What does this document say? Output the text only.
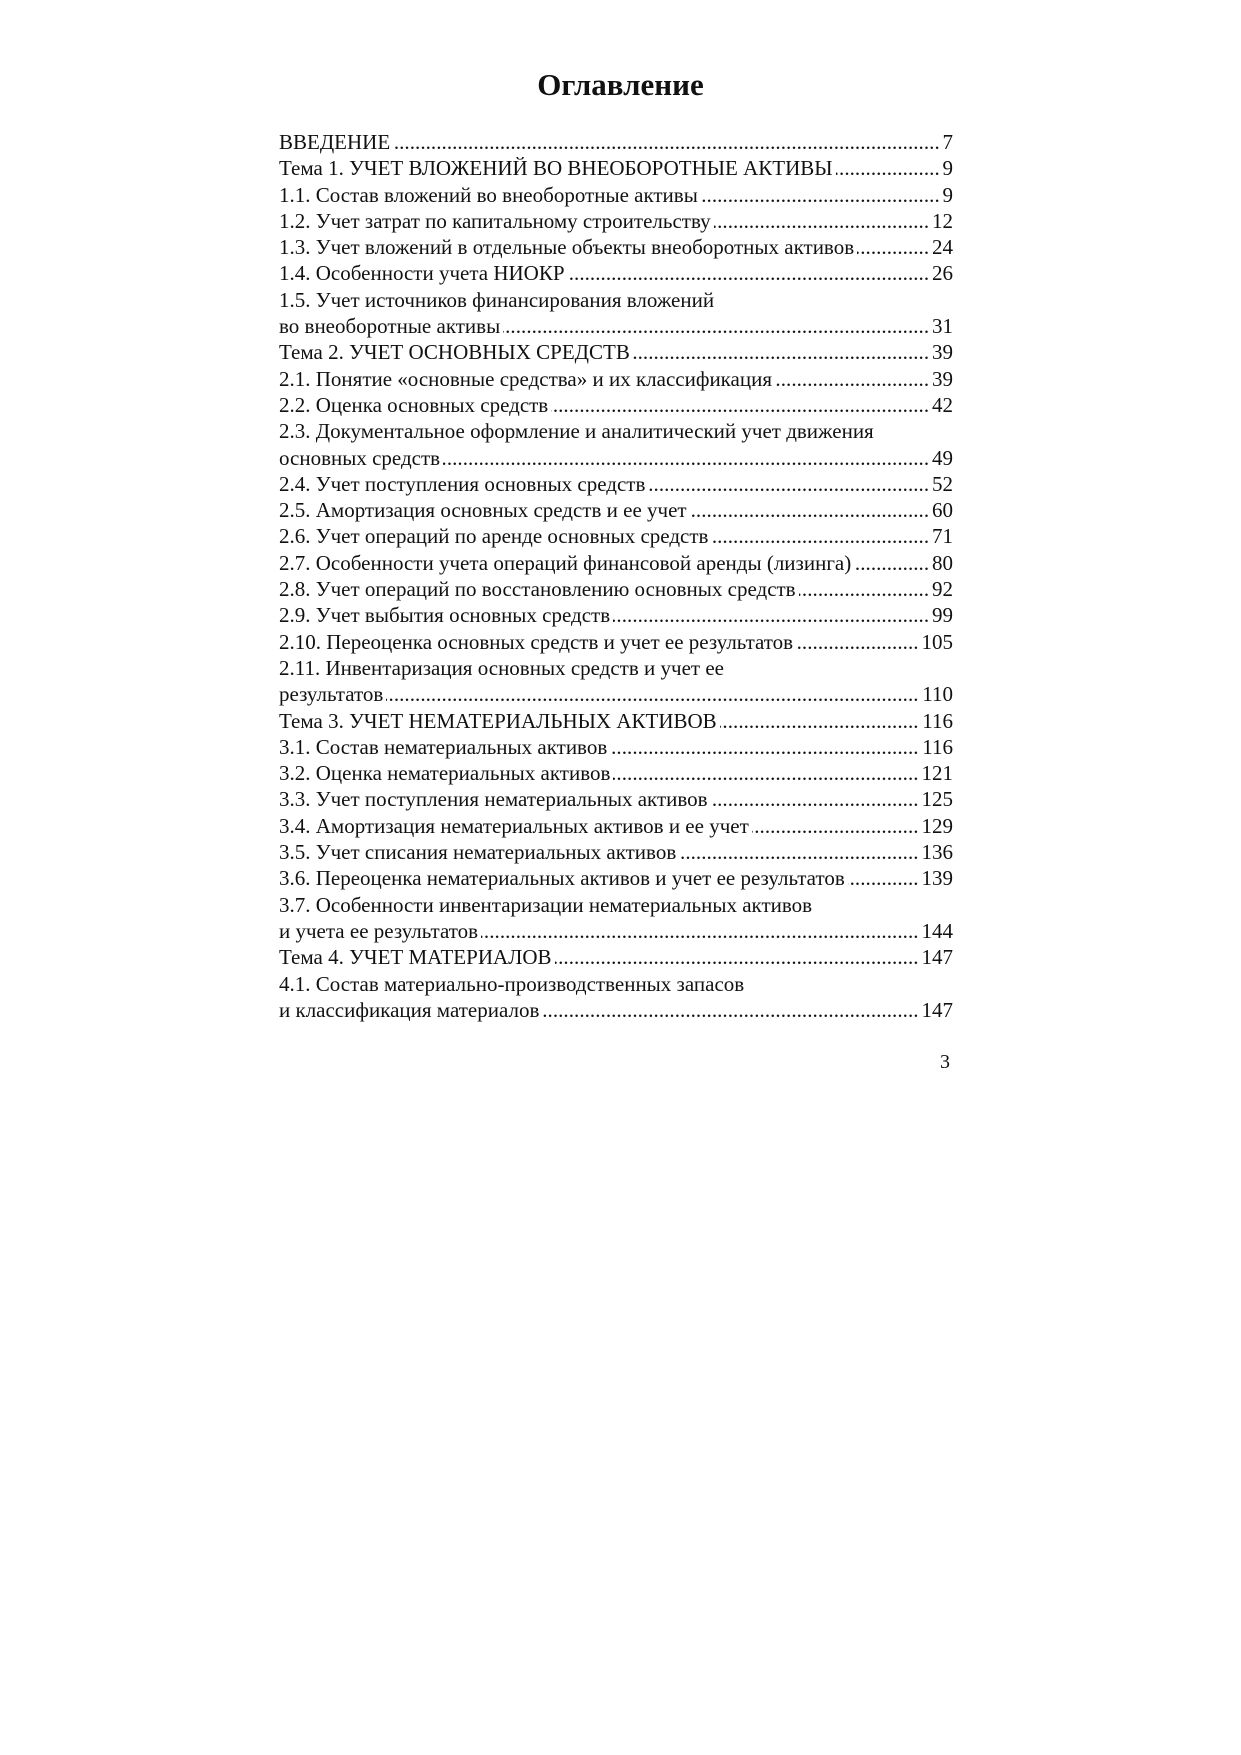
Оглавление
. . . ВВЕДЕНИЕ	7
. . . Тема 1. УЧЕТ ВЛОЖЕНИЙ ВО ВНЕОБОРОТНЫЕ АКТИВЫ	9
. . . 1.1. Состав вложений во внеоборотные активы	9
. . . 1.2. Учет затрат по капитальному строительству	12
. . . 1.3. Учет вложений в отдельные объекты внеоборотных активов	24
. . . 1.4. Особенности учета НИОКР	26
1.5. Учет источников финансирования вложений
. . . во внеоборотные активы	31
. . . Тема 2. УЧЕТ ОСНОВНЫХ СРЕДСТВ	39
. . . 2.1. Понятие «основные средства» и их классификация	39
. . . 2.2. Оценка основных средств	42
2.3. Документальное оформление и аналитический учет движения
. . . основных средств	49
. . . 2.4. Учет поступления основных средств	52
. . . 2.5. Амортизация основных средств и ее учет	60
. . . 2.6. Учет операций по аренде основных средств	71
. . . 2.7. Особенности учета операций финансовой аренды (лизинга)	80
. . . 2.8. Учет операций по восстановлению основных средств	92
. . . 2.9. Учет выбытия основных средств	99
. . . 2.10. Переоценка основных средств и учет ее результатов	105
2.11. Инвентаризация основных средств и учет ее
. . . результатов	110
. . . Тема 3. УЧЕТ НЕМАТЕРИАЛЬНЫХ АКТИВОВ	116
. . . 3.1. Состав нематериальных активов	116
. . . 3.2. Оценка нематериальных активов	121
. . . 3.3. Учет поступления нематериальных активов	125
. . . 3.4. Амортизация нематериальных активов и ее учет	129
. . . 3.5. Учет списания нематериальных активов	136
. . . 3.6. Переоценка нематериальных активов и учет ее результатов	139
3.7. Особенности инвентаризации нематериальных активов
. . . и учета ее результатов	144
. . . Тема 4. УЧЕТ МАТЕРИАЛОВ	147
4.1. Состав материально-производственных запасов
. . . и классификация материалов	147
3
